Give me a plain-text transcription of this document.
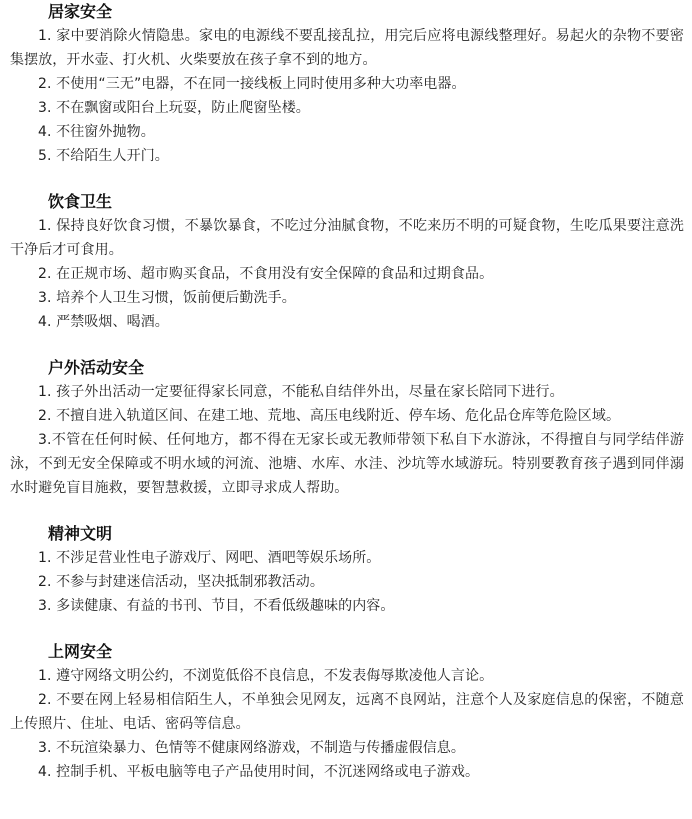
居家安全

1. 家中要消除火情隐患。家电的电源线不要乱接乱拉，用完后应将电源线整理好。易起火的杂物不要密集摆放，开水壶、打火机、火柴要放在孩子拿不到的地方。

2. 不使用“三无”电器，不在同一接线板上同时使用多种大功率电器。

3. 不在飘窗或阳台上玩耍，防止爬窗坠楼。

4. 不往窗外抛物。

5. 不给陌生人开门。

饮食卫生

1. 保持良好饮食习惯，不暴饮暴食，不吃过分油腻食物，不吃来历不明的可疑食物，生吃瓜果要注意洗干净后才可食用。

2. 在正规市场、超市购买食品，不食用没有安全保障的食品和过期食品。

3. 培养个人卫生习惯，饭前便后勤洗手。

4. 严禁吸烟、喝酒。

户外活动安全

1. 孩子外出活动一定要征得家长同意，不能私自结伴外出，尽量在家长陪同下进行。

2. 不擅自进入轨道区间、在建工地、荒地、高压电线附近、停车场、危化品仓库等危险区域。

3.不管在任何时候、任何地方，都不得在无家长或无教师带领下私自下水游泳，不得擅自与同学结伴游泳，不到无安全保障或不明水域的河流、池塘、水库、水洼、沙坑等水域游玩。特别要教育孩子遇到同伴溺水时避免盲目施救，要智慧救援，立即寻求成人帮助。

精神文明

1. 不涉足营业性电子游戏厅、网吧、酒吧等娱乐场所。

2. 不参与封建迷信活动，坚决抵制邪教活动。

3. 多读健康、有益的书刊、节目，不看低级趣味的内容。

上网安全

1. 遵守网络文明公约，不浏览低俗不良信息，不发表侮辱欺凌他人言论。

2. 不要在网上轻易相信陌生人，不单独会见网友，远离不良网站，注意个人及家庭信息的保密，不随意上传照片、住址、电话、密码等信息。

3. 不玩渲染暴力、色情等不健康网络游戏，不制造与传播虚假信息。

4. 控制手机、平板电脑等电子产品使用时间，不沉迷网络或电子游戏。
